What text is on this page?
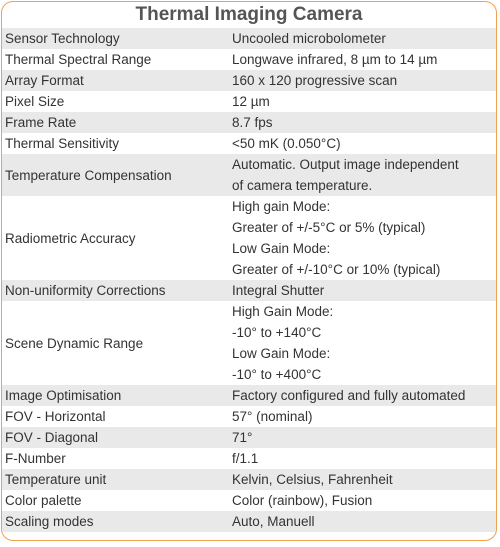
Thermal Imaging Camera
Sensor Technology	Uncooled microbolometer

Thermal Spectral Range	Longwave infrared, 8 µm to 14 µm

Array Format	160 x 120 progressive scan

Pixel Size	12 µm

Frame Rate	8.7 fps

Thermal Sensitivity	<50 mK (0.050°C)

Temperature Compensation	Automatic. Output image independent
of camera temperature.

Radiometric Accuracy	High gain Mode:
Greater of +/-5°C or 5% (typical)
Low Gain Mode:
Greater of +/-10°C or 10% (typical)

Non-uniformity Corrections	Integral Shutter

Scene Dynamic Range	High Gain Mode:
-10° to +140°C
Low Gain Mode:
-10° to +400°C

Image Optimisation	Factory configured and fully automated

FOV - Horizontal	57° (nominal)

FOV - Diagonal	71°

F-Number	f/1.1

Temperature unit	Kelvin, Celsius, Fahrenheit

Color palette	Color (rainbow), Fusion

Scaling modes	Auto, Manuell
